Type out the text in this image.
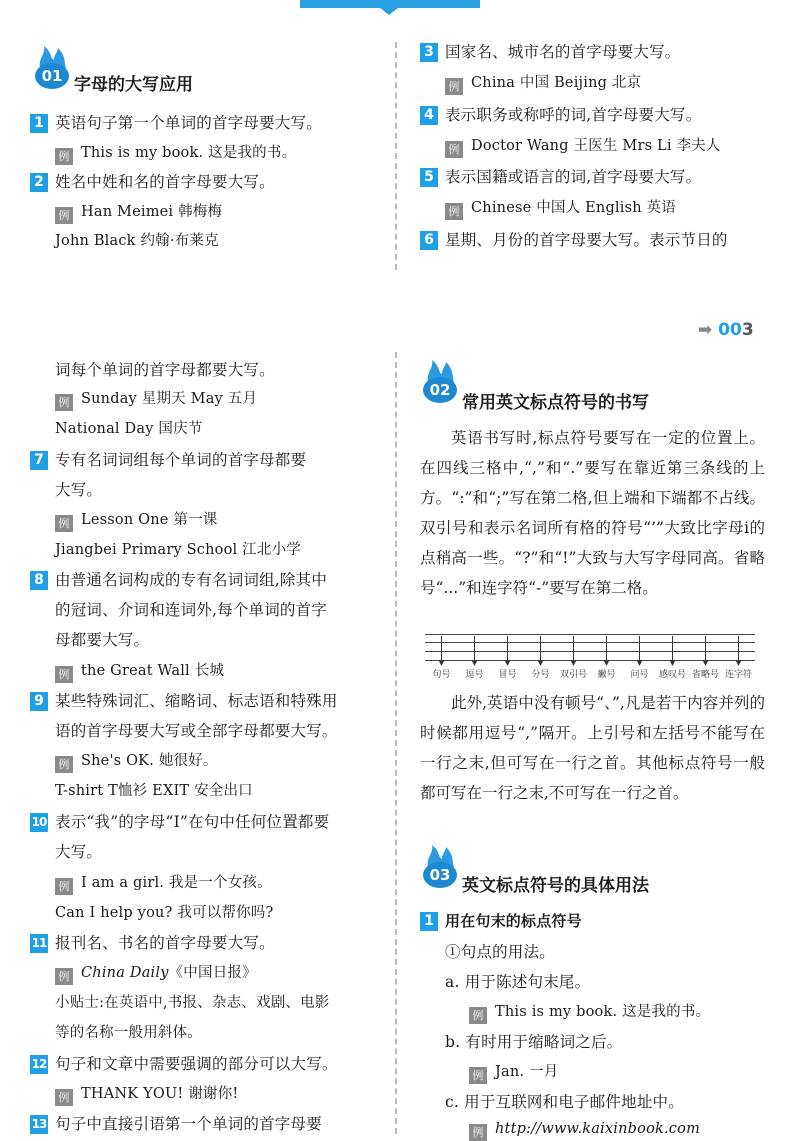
01 字母的大写应用
1 英语句子第一个单词的首字母要大写。
例 This is my book. 这是我的书。
2 姓名中姓和名的首字母要大写。
例 Han Meimei 韩梅梅
John Black 约翰·布莱克
3 国家名、城市名的首字母要大写。
例 China 中国 Beijing 北京
4 表示职务或称呼的词,首字母要大写。
例 Doctor Wang 王医生 Mrs Li 李夫人
5 表示国籍或语言的词,首字母要大写。
例 Chinese 中国人 English 英语
6 星期、月份的首字母要大写。表示节日的
➡ 003
词每个单词的首字母都要大写。
例 Sunday 星期天 May 五月
National Day 国庆节
7 专有名词词组每个单词的首字母都要
大写。
例 Lesson One 第一课
Jiangbei Primary School 江北小学
8 由普通名词构成的专有名词词组,除其中
的冠词、介词和连词外,每个单词的首字
母都要大写。
例 the Great Wall 长城
9 某些特殊词汇、缩略词、标志语和特殊用
语的首字母要大写或全部字母都要大写。
例 She's OK. 她很好。
T-shirt T恤衫 EXIT 安全出口
10 表示“我”的字母“I”在句中任何位置都要
大写。
例 I am a girl. 我是一个女孩。
Can I help you? 我可以帮你吗?
11 报刊名、书名的首字母要大写。
例 China Daily《中国日报》
小贴士:在英语中,书报、杂志、戏剧、电影
等的名称一般用斜体。
12 句子和文章中需要强调的部分可以大写。
例 THANK YOU! 谢谢你!
13 句子中直接引语第一个单词的首字母要
02
常用英文标点符号的书写
英语书写时,标点符号要写在一定的位置上。在四线三格中,“,”和“.”要写在靠近第三条线的上方。“:”和“;”写在第二格,但上端和下端都不占线。双引号和表示名词所有格的符号“’”大致比字母i的点稍高一些。“?”和“!”大致与大写字母同高。省略号“...”和连字符“-”要写在第二格。
句号 逗号 冒号 分号 双引号 撇号 问号 感叹号 省略号 连字符
此外,英语中没有顿号“、”,凡是若干内容并列的时候都用逗号“,”隔开。上引号和左括号不能写在一行之末,但可写在一行之首。其他标点符号一般都可写在一行之末,不可写在一行之首。
03
英文标点符号的具体用法
1 用在句末的标点符号
①句点的用法。
a. 用于陈述句末尾。
例 This is my book. 这是我的书。
b. 有时用于缩略词之后。
例 Jan. 一月
c. 用于互联网和电子邮件地址中。
例 http://www.kaixinbook.com
